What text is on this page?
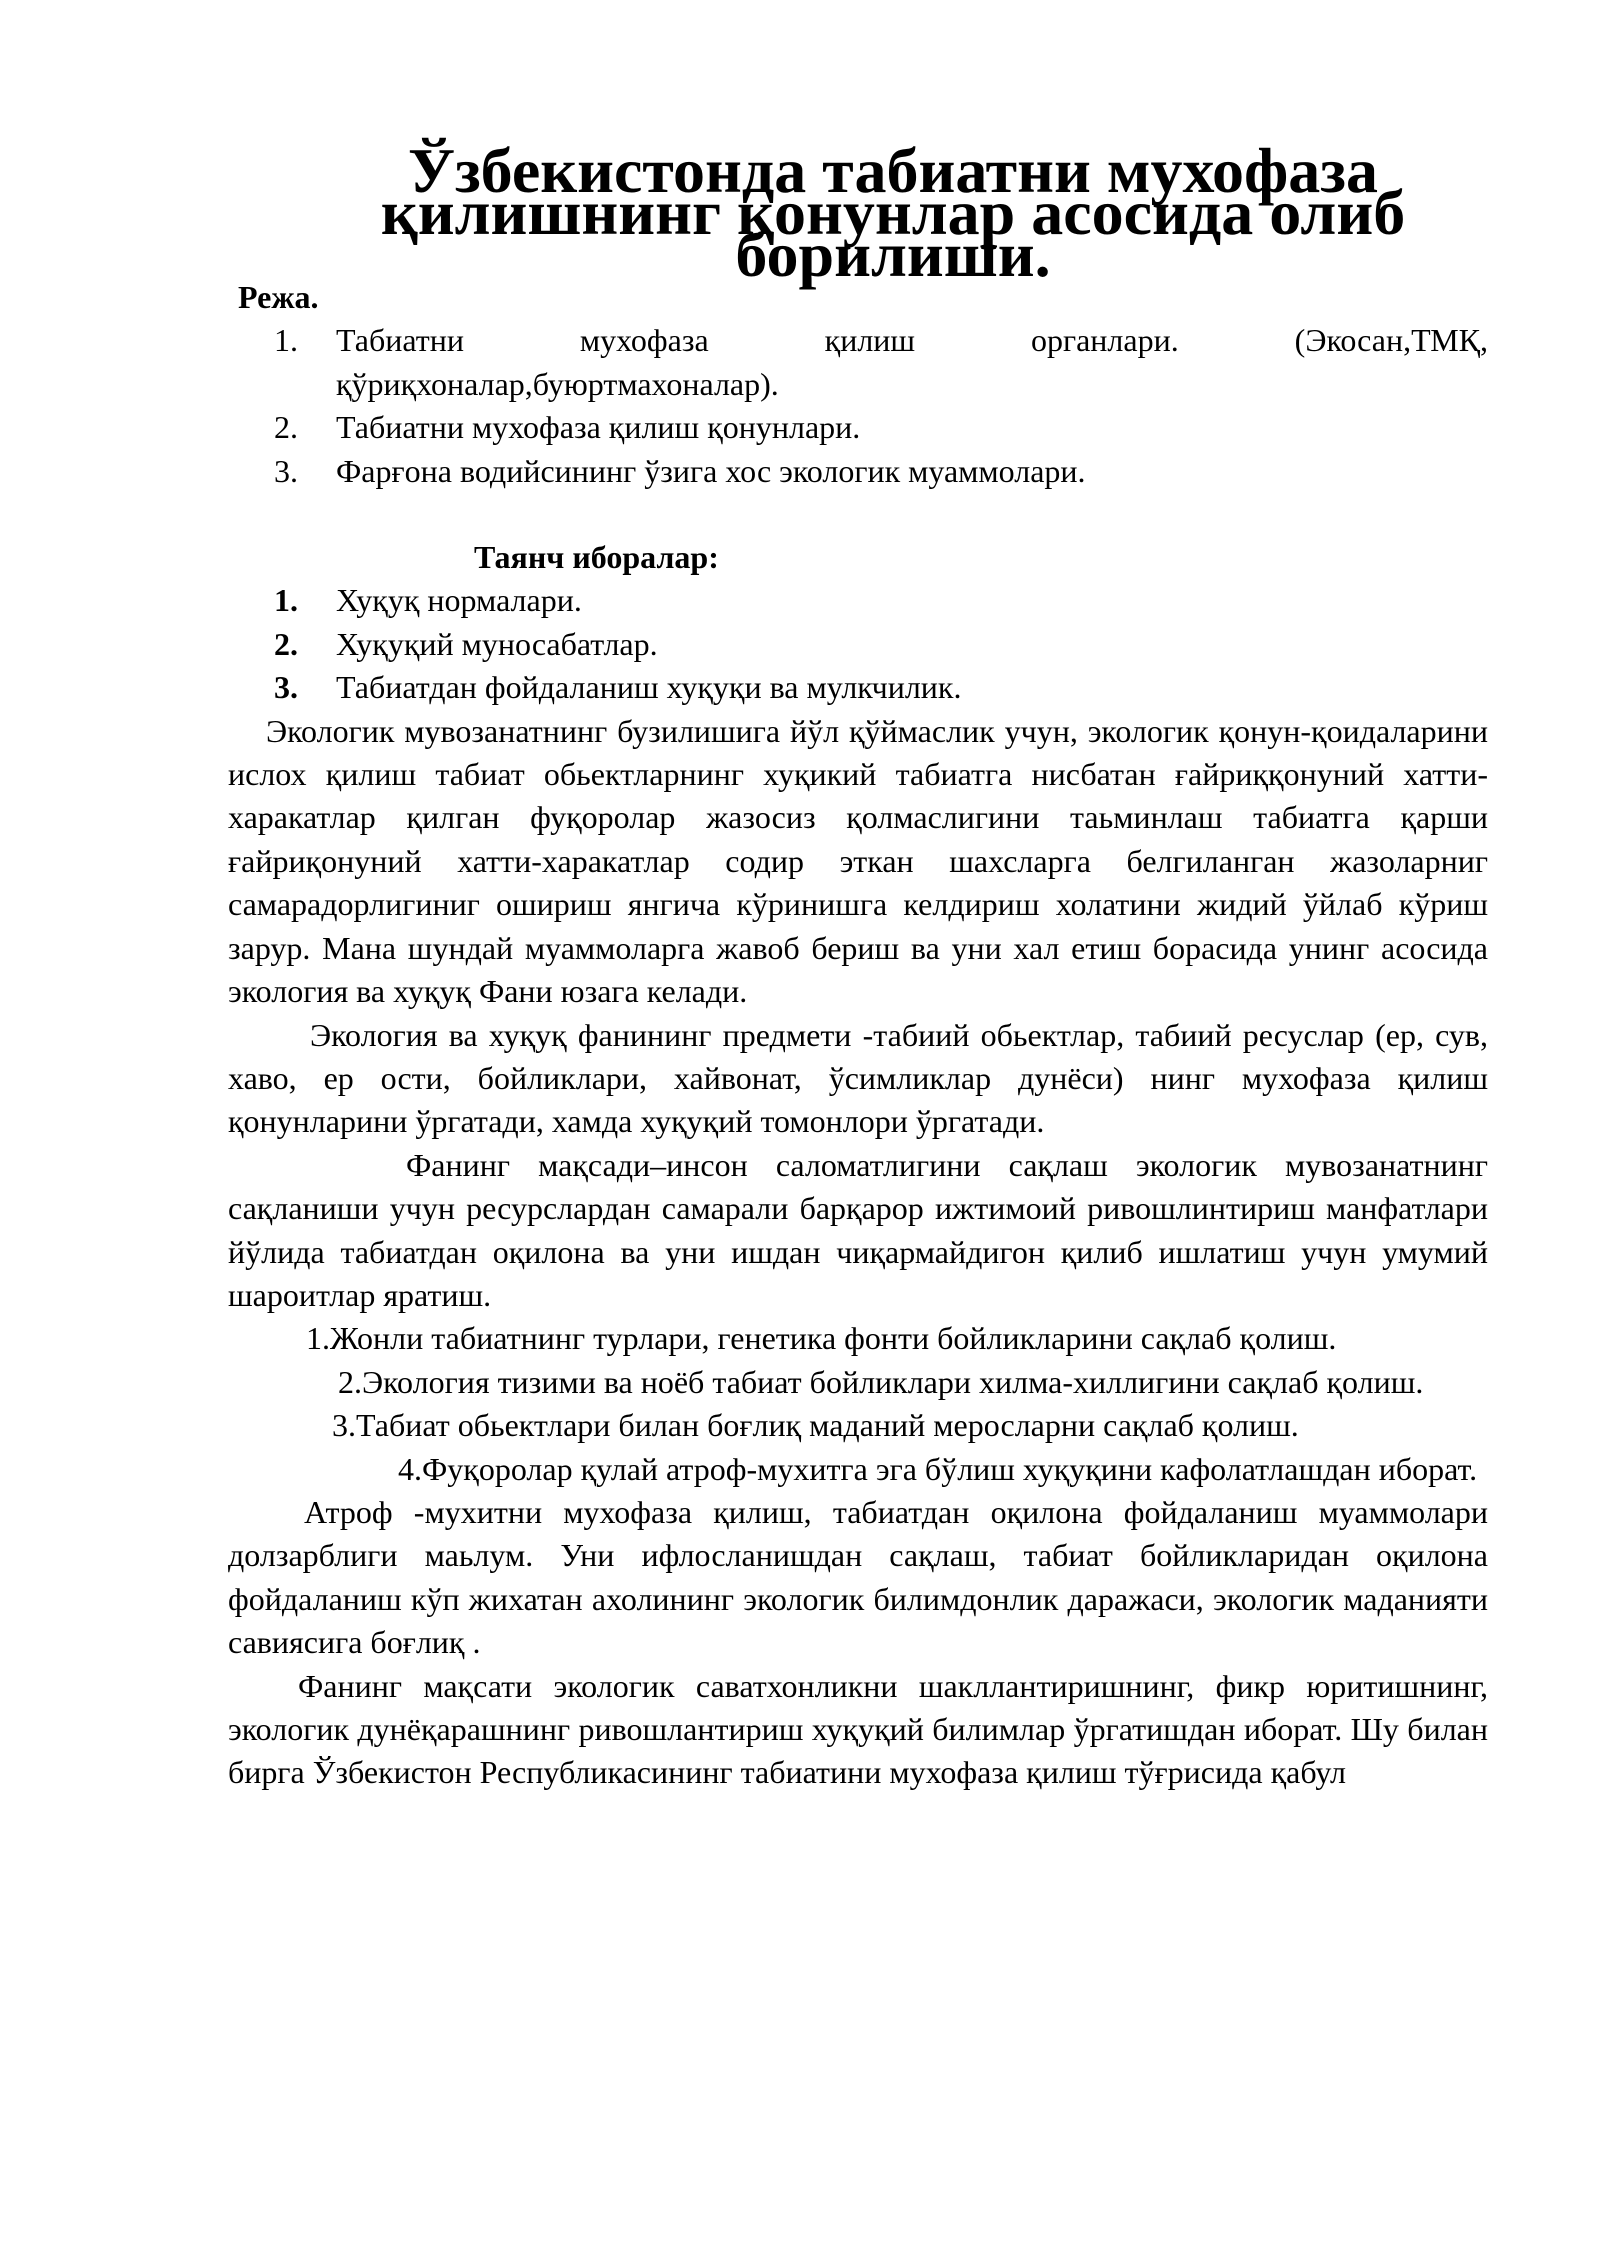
Ўзбекистонда табиатни мухофаза қилишнинг қонунлар асосида олиб борилиши.

Режа.

1.	Табиатни мухофаза қилиш органлари. (Экосан,ТМҚ, қўриқхоналар,буюртмахоналар).
2.	Табиатни мухофаза қилиш қонунлари.
3.	Фарғона водийсининг ўзига хос экологик муаммолари.

Таянч иборалар:

1.	Хуқуқ нормалари.
2.	Хуқуқий муносабатлар.
3.	Табиатдан фойдаланиш хуқуқи ва мулкчилик.

Экологик мувозанатнинг бузилишига йўл қўймаслик учун, экологик қонун-қоидаларини ислох қилиш табиат обьектларнинг хуқикий табиатга нисбатан ғайриққонуний хатти-харакатлар қилган фуқоролар жазосиз қолмаслигини таьминлаш табиатга қарши ғайриқонуний хатти-харакатлар содир эткан шахсларга белгиланган жазоларниг самарадорлигиниг ошириш янгича кўринишга келдириш холатини жидий ўйлаб кўриш зарур. Мана шундай муаммоларга жавоб бериш ва уни хал етиш борасида унинг асосида экология ва хуқуқ Фани юзага келади.

Экология ва хуқуқ фанининг предмети -табиий обьектлар, табиий ресуслар (ер, сув, хаво, ер ости, бойликлари, хайвонат, ўсимликлар дунёси) нинг мухофаза қилиш қонунларини ўргатади, хамда хуқуқий томонлори ўргатади.

Фанинг мақсади–инсон саломатлигини сақлаш экологик мувозанатнинг сақланиши учун ресурслардан самарали барқарор ижтимоий ривошлинтириш манфатлари йўлида табиатдан оқилона ва уни ишдан чиқармайдигон қилиб ишлатиш учун умумий шароитлар яратиш.

1.Жонли табиатнинг турлари, генетика фонти бойликларини сақлаб қолиш.

2.Экология тизими ва ноёб табиат бойликлари хилма-хиллигини сақлаб қолиш.

3.Табиат обьектлари билан боғлиқ маданий меросларни сақлаб қолиш.

4.Фуқоролар қулай атроф-мухитга эга бўлиш хуқуқини кафолатлашдан иборат.

Атроф -мухитни мухофаза қилиш, табиатдан оқилона фойдаланиш муаммолари долзарблиги маьлум. Уни ифлосланишдан сақлаш, табиат бойликларидан оқилона фойдаланиш кўп жихатан ахолининг экологик билимдонлик даражаси, экологик маданияти савиясига боғлиқ .

Фанинг мақсати экологик саватхонликни шакллантиришнинг, фикр юритишнинг, экологик дунёқарашнинг ривошлантириш хуқуқий билимлар ўргатишдан иборат. Шу билан бирга Ўзбекистон Республикасининг табиатини мухофаза қилиш тўғрисида қабул
